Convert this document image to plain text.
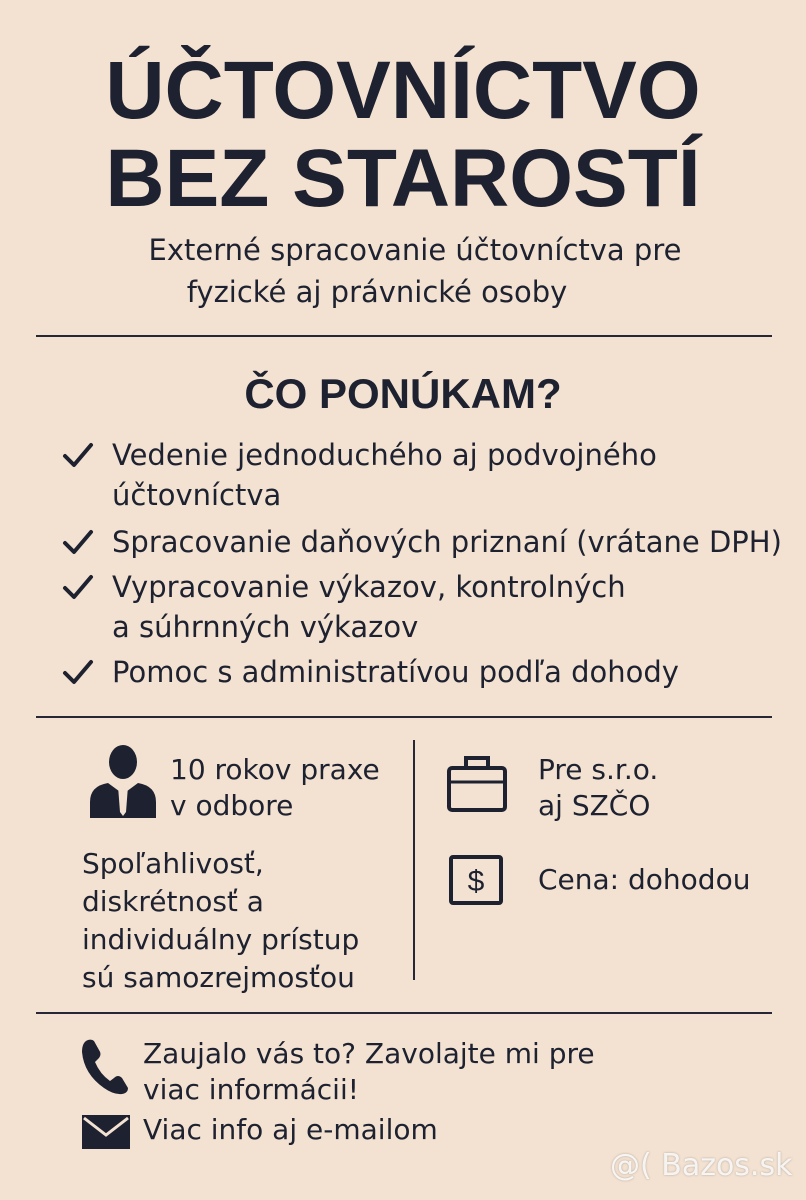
ÚČTOVNÍCTVO
BEZ STAROSTÍ
Externé spracovanie účtovníctva pre
fyzické aj právnické osoby
ČO PONÚKAM?
Vedenie jednoduchého aj podvojného
účtovníctva
Spracovanie daňových priznaní (vrátane DPH)
Vypracovanie výkazov, kontrolných
a súhrnných výkazov
Pomoc s administratívou podľa dohody
10 rokov praxe
v odbore
Spoľahlivosť,
diskrétnosť a
individuálny prístup
sú samozrejmosťou
Pre s.r.o.
aj SZČO
$ Cena: dohodou
Zaujalo vás to? Zavolajte mi pre
viac informácii!
Viac info aj e-mailom
@( Bazos.sk
